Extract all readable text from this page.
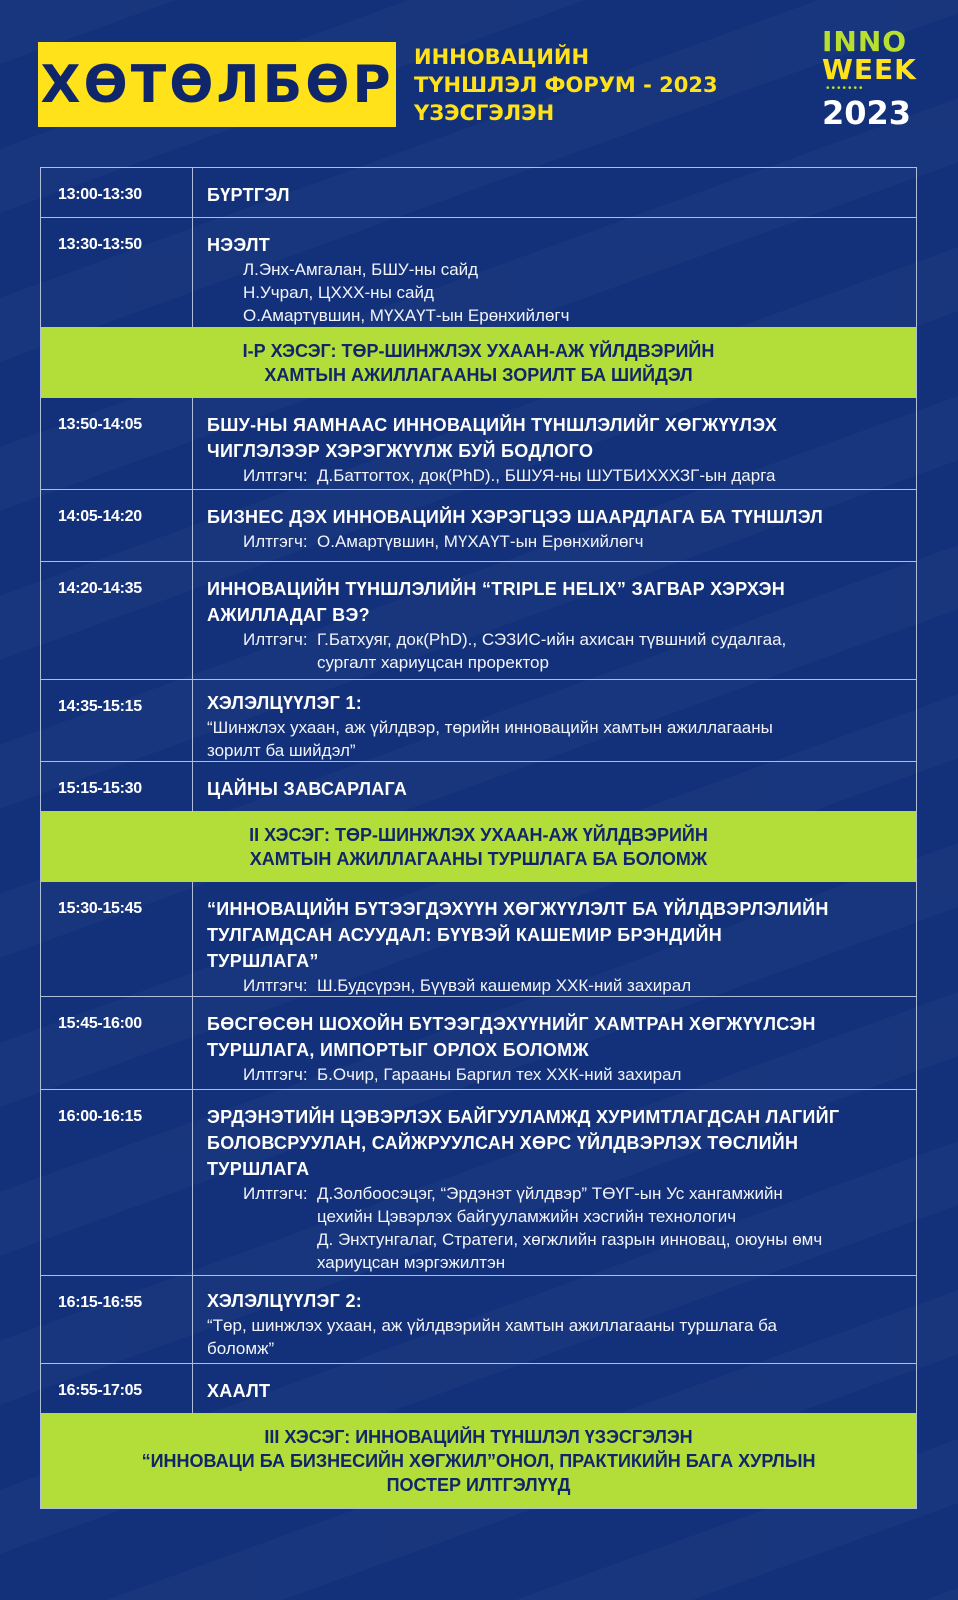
ХӨТӨЛБӨР ИННОВАЦИЙН
ТҮНШЛЭЛ ФОРУМ - 2023
ҮЗЭСГЭЛЭН
INNO
WEEK
•••••••
2023
13:00-13:30	БҮРТГЭЛ
13:30-13:50	НЭЭЛТ
Л.Энх-Амгалан, БШУ-ны сайд
Н.Учрал, ЦХХХ-ны сайд
О.Амартүвшин, МҮХАҮТ-ын Ерөнхийлөгч
I-Р ХЭСЭГ: ТӨР-ШИНЖЛЭХ УХААН-АЖ ҮЙЛДВЭРИЙН
ХАМТЫН АЖИЛЛАГААНЫ ЗОРИЛТ БА ШИЙДЭЛ
13:50-14:05	БШУ-НЫ ЯАМНААС ИННОВАЦИЙН ТҮНШЛЭЛИЙГ ХӨГЖҮҮЛЭХ
ЧИГЛЭЛЭЭР ХЭРЭГЖҮҮЛЖ БУЙ БОДЛОГО
Илтгэгч: Д.Баттогтох, док(PhD)., БШУЯ-ны ШУТБИХХХЗГ-ын дарга
14:05-14:20	БИЗНЕС ДЭХ ИННОВАЦИЙН ХЭРЭГЦЭЭ ШААРДЛАГА БА ТҮНШЛЭЛ
Илтгэгч: О.Амартүвшин, МҮХАҮТ-ын Ерөнхийлөгч
14:20-14:35	ИННОВАЦИЙН ТҮНШЛЭЛИЙН “TRIPLE HELIX” ЗАГВАР ХЭРХЭН
АЖИЛЛАДАГ ВЭ?
Илтгэгч: Г.Батхуяг, док(PhD)., СЭЗИС-ийн ахисан түвшний судалгаа,
сургалт хариуцсан проректор
14:35-15:15	ХЭЛЭЛЦҮҮЛЭГ 1:
“Шинжлэх ухаан, аж үйлдвэр, төрийн инновацийн хамтын ажиллагааны
зорилт ба шийдэл”
15:15-15:30	ЦАЙНЫ ЗАВСАРЛАГА
II ХЭСЭГ: ТӨР-ШИНЖЛЭХ УХААН-АЖ ҮЙЛДВЭРИЙН
ХАМТЫН АЖИЛЛАГААНЫ ТУРШЛАГА БА БОЛОМЖ
15:30-15:45	“ИННОВАЦИЙН БҮТЭЭГДЭХҮҮН ХӨГЖҮҮЛЭЛТ БА ҮЙЛДВЭРЛЭЛИЙН
ТУЛГАМДСАН АСУУДАЛ: БҮҮВЭЙ КАШЕМИР БРЭНДИЙН
ТУРШЛАГА”
Илтгэгч: Ш.Будсүрэн, Бүүвэй кашемир ХХК-ний захирал
15:45-16:00	БӨСГӨСӨН ШОХОЙН БҮТЭЭГДЭХҮҮНИЙГ ХАМТРАН ХӨГЖҮҮЛСЭН
ТУРШЛАГА, ИМПОРТЫГ ОРЛОХ БОЛОМЖ
Илтгэгч: Б.Очир, Гарааны Баргил тех ХХК-ний захирал
16:00-16:15	ЭРДЭНЭТИЙН ЦЭВЭРЛЭХ БАЙГУУЛАМЖД ХУРИМТЛАГДСАН ЛАГИЙГ
БОЛОВСРУУЛАН, САЙЖРУУЛСАН ХӨРС ҮЙЛДВЭРЛЭХ ТӨСЛИЙН
ТУРШЛАГА
Илтгэгч: Д.Золбоосэцэг, “Эрдэнэт үйлдвэр” ТӨҮГ-ын Ус хангамжийн
цехийн Цэвэрлэх байгууламжийн хэсгийн технологич
Д. Энхтунгалаг, Стратеги, хөгжлийн газрын инновац, оюуны өмч
хариуцсан мэргэжилтэн
16:15-16:55	ХЭЛЭЛЦҮҮЛЭГ 2:
“Төр, шинжлэх ухаан, аж үйлдвэрийн хамтын ажиллагааны туршлага ба
боломж”
16:55-17:05	ХААЛТ
III ХЭСЭГ: ИННОВАЦИЙН ТҮНШЛЭЛ ҮЗЭСГЭЛЭН
“ИННОВАЦИ БА БИЗНЕСИЙН ХӨГЖИЛ”ОНОЛ, ПРАКТИКИЙН БАГА ХУРЛЫН
ПОСТЕР ИЛТГЭЛҮҮД
